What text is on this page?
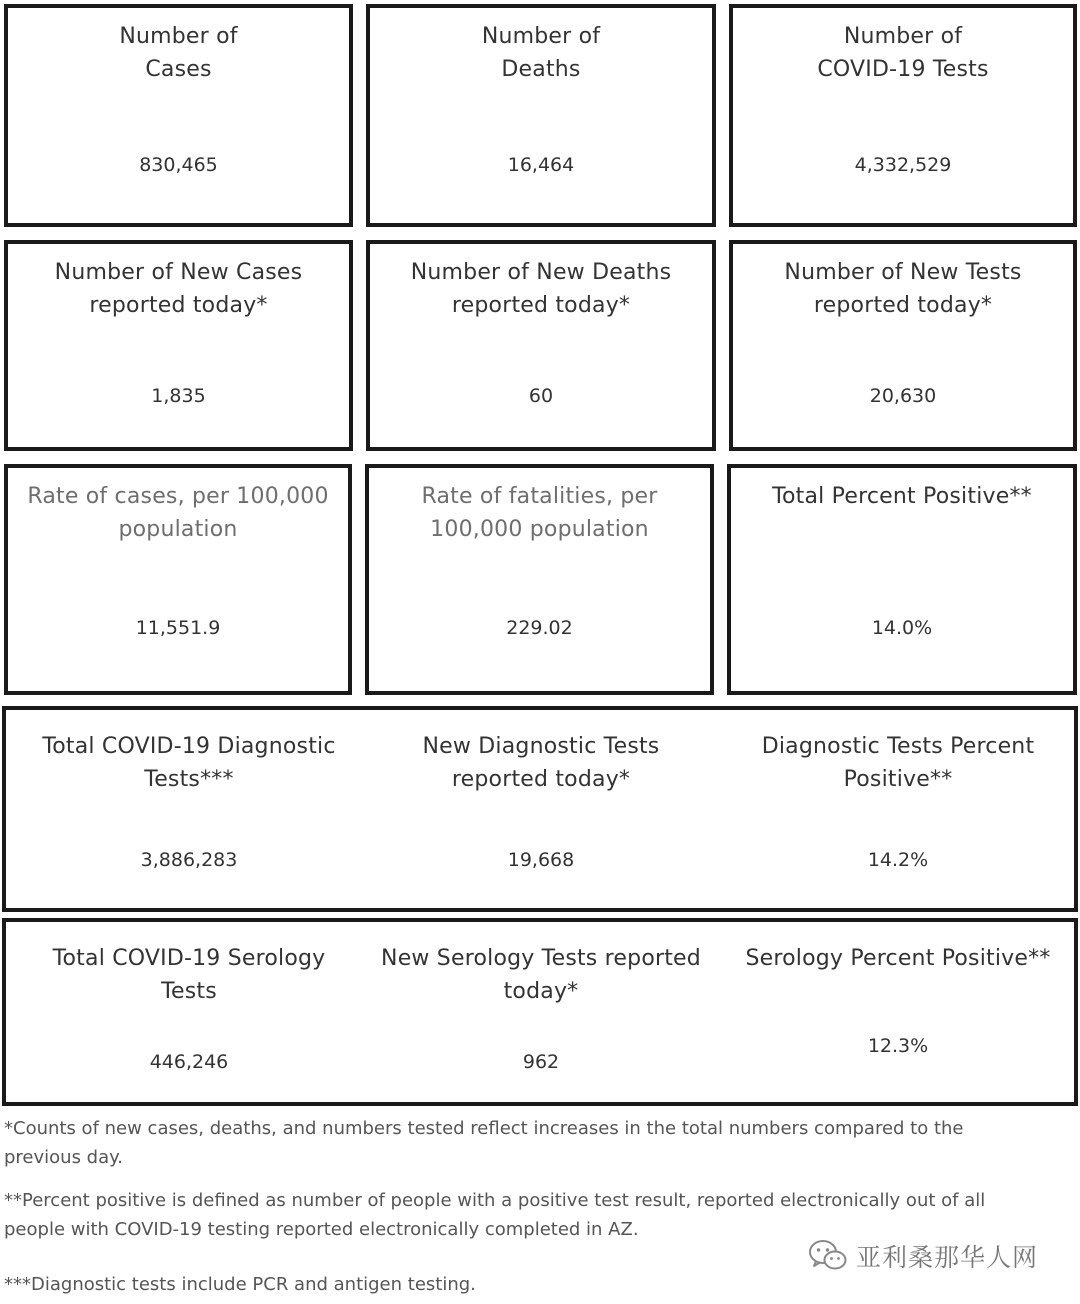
Number of
Cases
830,465
Number of
Deaths
16,464
Number of
COVID-19 Tests
4,332,529
Number of New Cases
reported today*
1,835
Number of New Deaths
reported today*
60
Number of New Tests
reported today*
20,630
Rate of cases, per 100,000
population
11,551.9
Rate of fatalities, per
100,000 population
229.02
Total Percent Positive**
14.0%
Total COVID-19 Diagnostic
Tests***
3,886,283
New Diagnostic Tests
reported today*
19,668
Diagnostic Tests Percent
Positive**
14.2%
Total COVID-19 Serology
Tests
446,246
New Serology Tests reported
today*
962
Serology Percent Positive**
12.3%
*Counts of new cases, deaths, and numbers tested reflect increases in the total numbers compared to the
previous day.
**Percent positive is defined as number of people with a positive test result, reported electronically out of all
people with COVID-19 testing reported electronically completed in AZ.
***Diagnostic tests include PCR and antigen testing.
亚利桑那华人网
